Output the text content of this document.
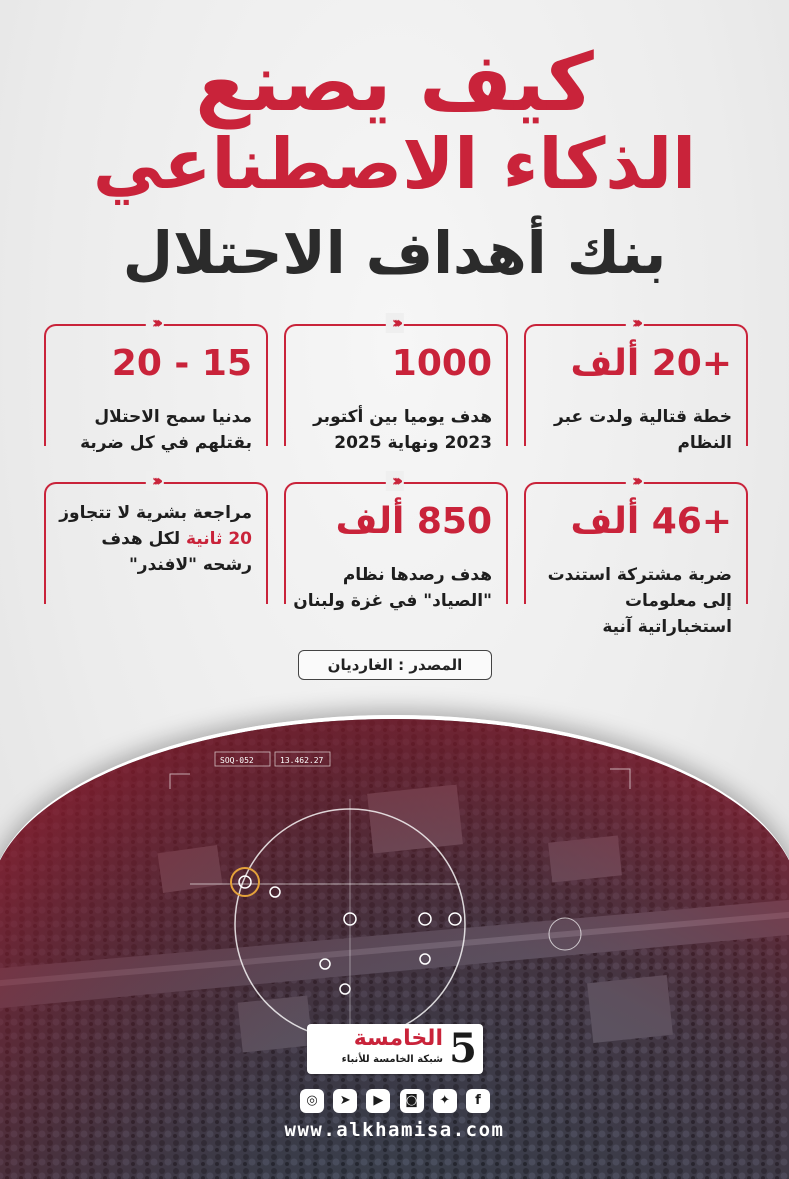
كيف يصنع
الذكاء الاصطناعي
بنك أهداف الاحتلال
‹‹‹‹
+20 ألف
خطة قتالية ولدت عبر النظام
‹‹‹‹
1000
هدف يوميا بين أكتوبر 2023 ونهاية 2025
‹‹‹‹
15 - 20
مدنيا سمح الاحتلال بقتلهم في كل ضربة
‹‹‹‹
+46 ألف
ضربة مشتركة استندت إلى معلومات استخباراتية آنية
‹‹‹‹
850 ألف
هدف رصدها نظام "الصياد" في غزة ولبنان
‹‹‹‹
مراجعة بشرية لا تتجاوز 20 ثانية لكل هدف رشحه "لافندر"
المصدر : الغارديان
SOQ-052	13.462.27
5
الخامسة
شبكة الخامسة للأنباء
◎	➤	▶	◙	✦	f
www.alkhamisa.com
